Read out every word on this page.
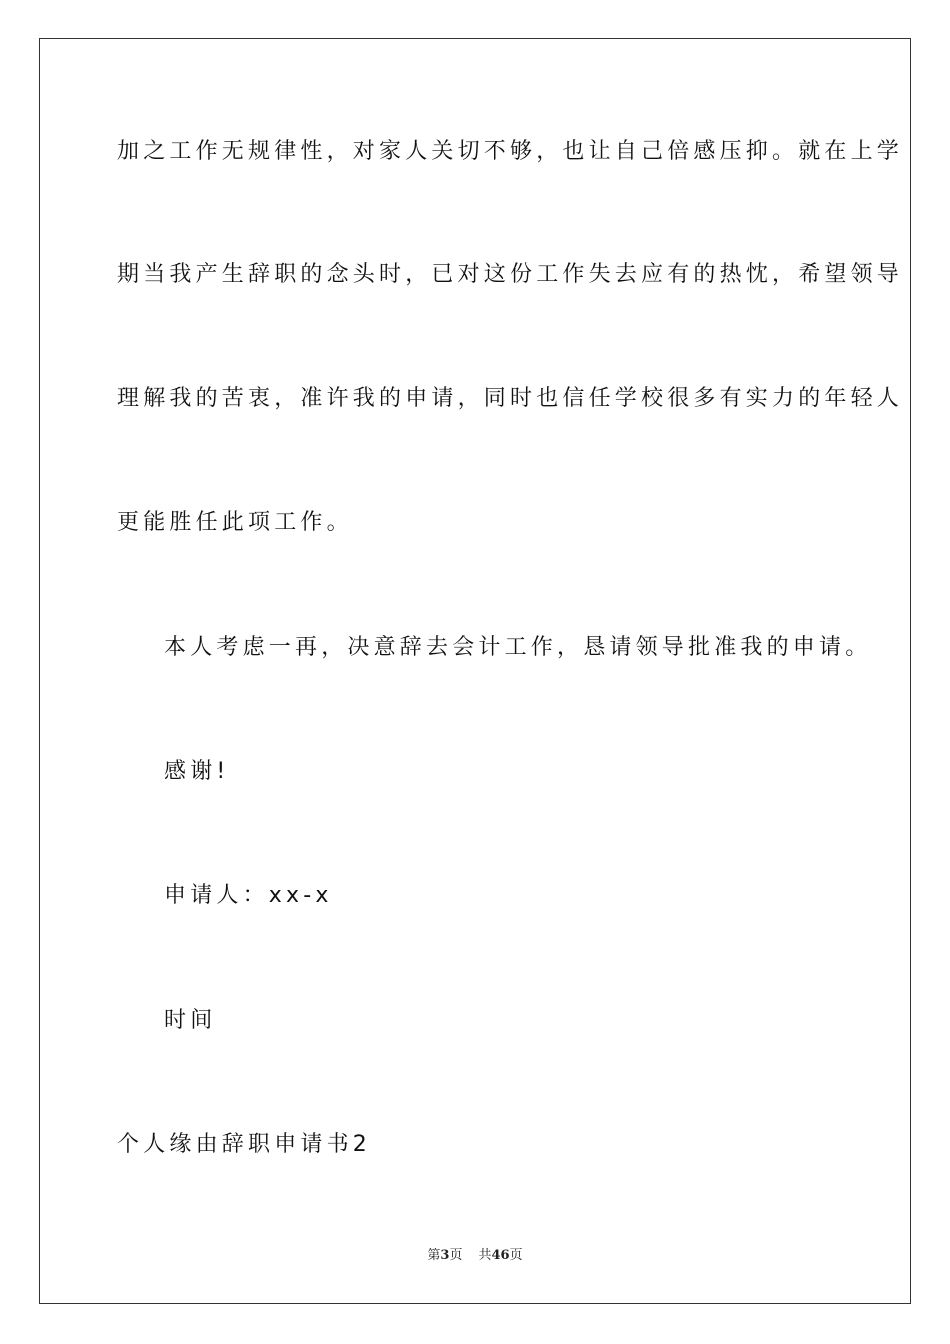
加之工作无规律性，对家人关切不够，也让自己倍感压抑。就在上学
期当我产生辞职的念头时，已对这份工作失去应有的热忱，希望领导
理解我的苦衷，准许我的申请，同时也信任学校很多有实力的年轻人
更能胜任此项工作。
本人考虑一再，决意辞去会计工作，恳请领导批准我的申请。
感谢!
申请人：xx-x
时间
个人缘由辞职申请书2
第3页 共46页
